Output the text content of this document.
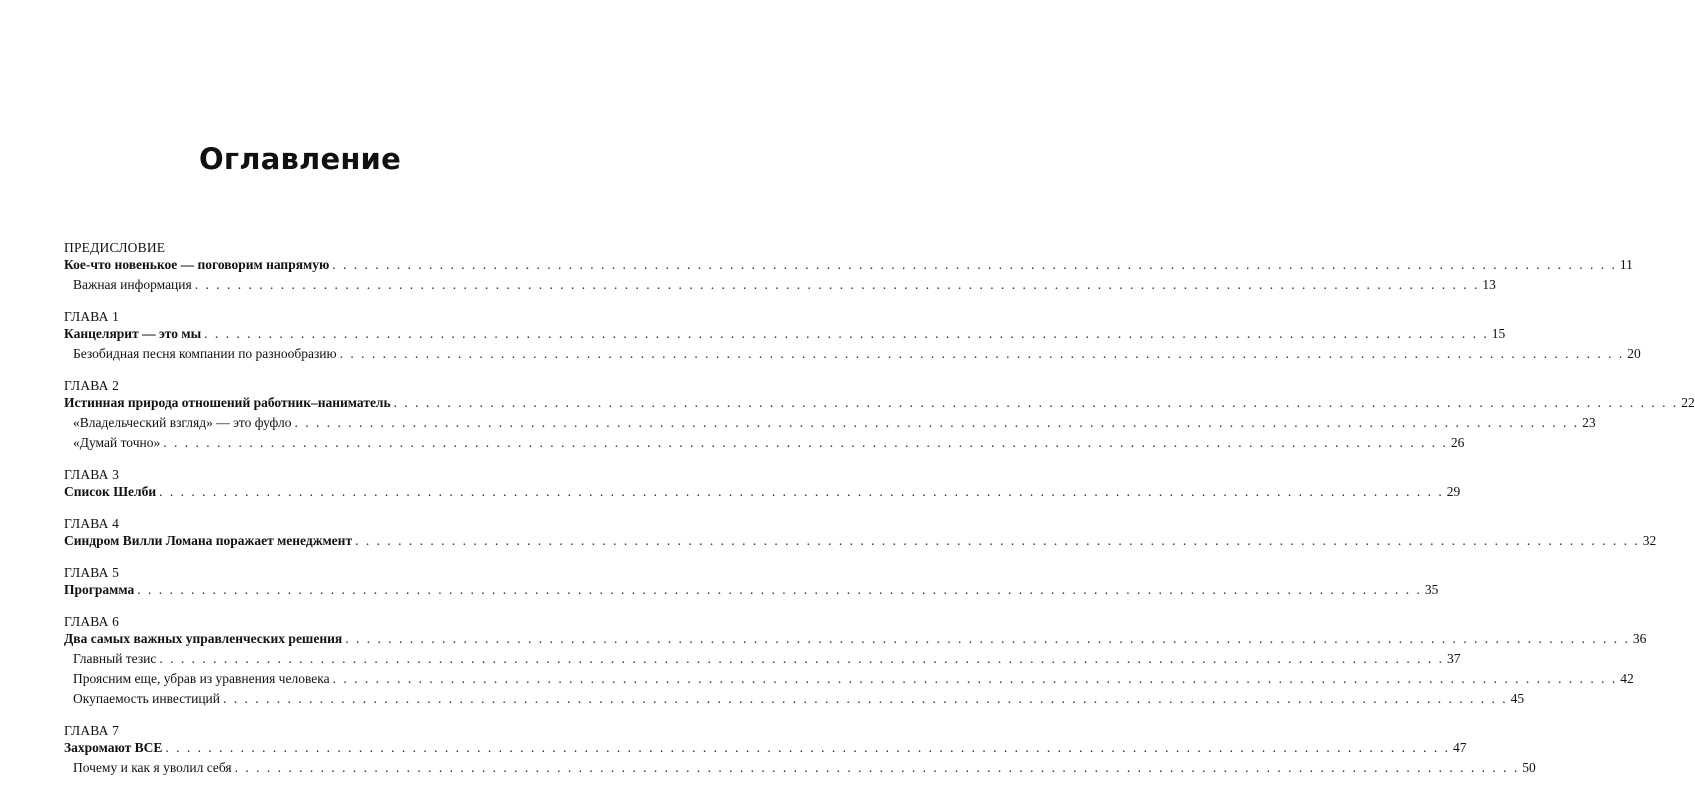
Оглавление
ПРЕДИСЛОВИЕ
Кое-что новенькое — поговорим напрямую . . . . . . . . . . . . . . . . . . . . . . . . . . . . . . . . . . . . . . . . . . . . . . . . . . . . . . . . . . . . . . . . . . . . . . . . . . . . . . . . . . . . . . . . . . . . . . . . . . . . . . . . . . . . . . . . . . . . . . . . 11
Важная информация . . . . . . . . . . . . . . . . . . . . . . . . . . . . . . . . . . . . . . . . . . . . . . . . . . . . . . . . . . . . . . . . . . . . . . . . . . . . . . . . . . . . . . . . . . . . . . . . . . . . . . . . . . . . . . . . . . . . . . . . 13
ГЛАВА 1
Канцелярит — это мы . . . . . . . . . . . . . . . . . . . . . . . . . . . . . . . . . . . . . . . . . . . . . . . . . . . . . . . . . . . . . . . . . . . . . . . . . . . . . . . . . . . . . . . . . . . . . . . . . . . . . . . . . . . . . . . . . . . . . . . . 15
Безобидная песня компании по разнообразию . . . . . . . . . . . . . . . . . . . . . . . . . . . . . . . . . . . . . . . . . . . . . . . . . . . . . . . . . . . . . . . . . . . . . . . . . . . . . . . . . . . . . . . . . . . . . . . . . . . . . . . . . . . . . . . . . . . . . . . . 20
ГЛАВА 2
Истинная природа отношений работник–наниматель . . . . . . . . . . . . . . . . . . . . . . . . . . . . . . . . . . . . . . . . . . . . . . . . . . . . . . . . . . . . . . . . . . . . . . . . . . . . . . . . . . . . . . . . . . . . . . . . . . . . . . . . . . . . . . . . . . . . . . . . 22
«Владельческий взгляд» — это фуфло . . . . . . . . . . . . . . . . . . . . . . . . . . . . . . . . . . . . . . . . . . . . . . . . . . . . . . . . . . . . . . . . . . . . . . . . . . . . . . . . . . . . . . . . . . . . . . . . . . . . . . . . . . . . . . . . . . . . . . . . 23
«Думай точно» . . . . . . . . . . . . . . . . . . . . . . . . . . . . . . . . . . . . . . . . . . . . . . . . . . . . . . . . . . . . . . . . . . . . . . . . . . . . . . . . . . . . . . . . . . . . . . . . . . . . . . . . . . . . . . . . . . . . . . . . 26
ГЛАВА 3
Список Шелби . . . . . . . . . . . . . . . . . . . . . . . . . . . . . . . . . . . . . . . . . . . . . . . . . . . . . . . . . . . . . . . . . . . . . . . . . . . . . . . . . . . . . . . . . . . . . . . . . . . . . . . . . . . . . . . . . . . . . . . . 29
ГЛАВА 4
Синдром Вилли Ломана поражает менеджмент . . . . . . . . . . . . . . . . . . . . . . . . . . . . . . . . . . . . . . . . . . . . . . . . . . . . . . . . . . . . . . . . . . . . . . . . . . . . . . . . . . . . . . . . . . . . . . . . . . . . . . . . . . . . . . . . . . . . . . . . 32
ГЛАВА 5
Программа . . . . . . . . . . . . . . . . . . . . . . . . . . . . . . . . . . . . . . . . . . . . . . . . . . . . . . . . . . . . . . . . . . . . . . . . . . . . . . . . . . . . . . . . . . . . . . . . . . . . . . . . . . . . . . . . . . . . . . . . 35
ГЛАВА 6
Два самых важных управленческих решения . . . . . . . . . . . . . . . . . . . . . . . . . . . . . . . . . . . . . . . . . . . . . . . . . . . . . . . . . . . . . . . . . . . . . . . . . . . . . . . . . . . . . . . . . . . . . . . . . . . . . . . . . . . . . . . . . . . . . . . . 36
Главный тезис . . . . . . . . . . . . . . . . . . . . . . . . . . . . . . . . . . . . . . . . . . . . . . . . . . . . . . . . . . . . . . . . . . . . . . . . . . . . . . . . . . . . . . . . . . . . . . . . . . . . . . . . . . . . . . . . . . . . . . . . 37
Проясним еще, убрав из уравнения человека . . . . . . . . . . . . . . . . . . . . . . . . . . . . . . . . . . . . . . . . . . . . . . . . . . . . . . . . . . . . . . . . . . . . . . . . . . . . . . . . . . . . . . . . . . . . . . . . . . . . . . . . . . . . . . . . . . . . . . . . 42
Окупаемость инвестиций . . . . . . . . . . . . . . . . . . . . . . . . . . . . . . . . . . . . . . . . . . . . . . . . . . . . . . . . . . . . . . . . . . . . . . . . . . . . . . . . . . . . . . . . . . . . . . . . . . . . . . . . . . . . . . . . . . . . . . . . 45
ГЛАВА 7
Захромают ВСЕ . . . . . . . . . . . . . . . . . . . . . . . . . . . . . . . . . . . . . . . . . . . . . . . . . . . . . . . . . . . . . . . . . . . . . . . . . . . . . . . . . . . . . . . . . . . . . . . . . . . . . . . . . . . . . . . . . . . . . . . . 47
Почему и как я уволил себя . . . . . . . . . . . . . . . . . . . . . . . . . . . . . . . . . . . . . . . . . . . . . . . . . . . . . . . . . . . . . . . . . . . . . . . . . . . . . . . . . . . . . . . . . . . . . . . . . . . . . . . . . . . . . . . . . . . . . . . . 50
